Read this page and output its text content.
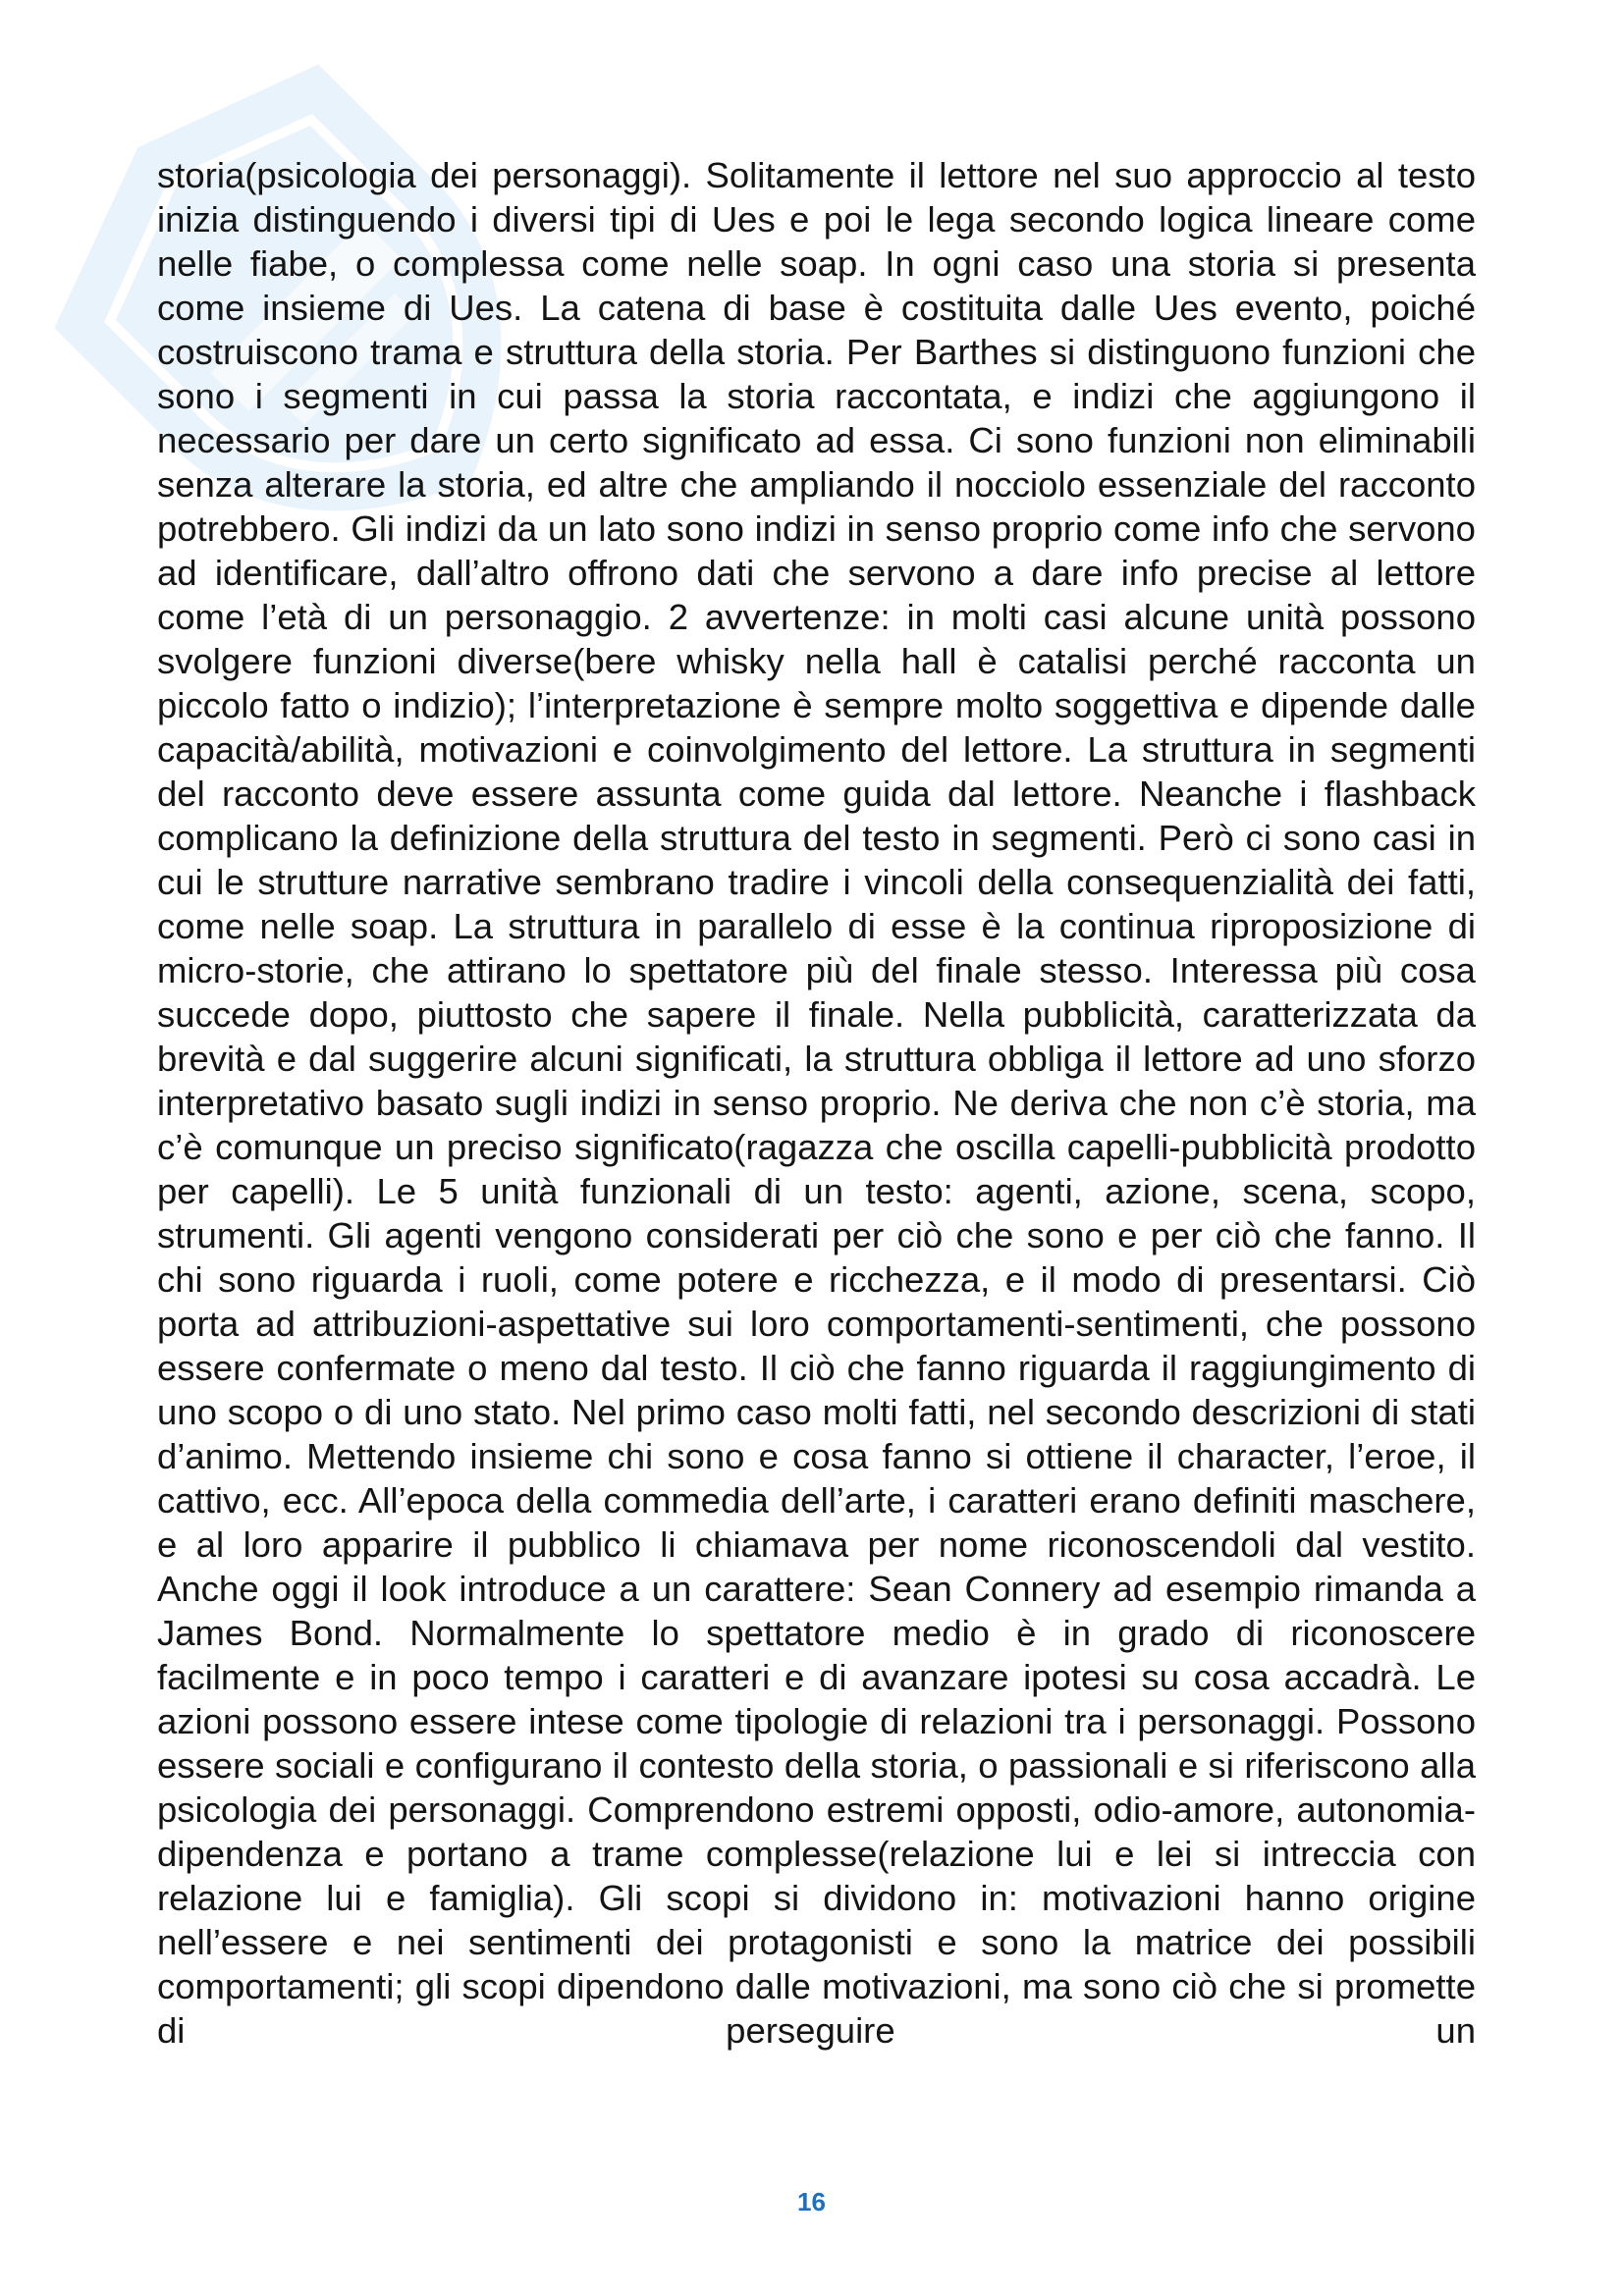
storia(psicologia dei personaggi). Solitamente il lettore nel suo approccio al testo inizia distinguendo i diversi tipi di Ues e poi le lega secondo logica lineare come nelle fiabe, o complessa come nelle soap. In ogni caso una storia si presenta come insieme di Ues. La catena di base è costituita dalle Ues evento, poiché costruiscono trama e struttura della storia. Per Barthes si distinguono funzioni che sono i segmenti in cui passa la storia raccontata, e indizi che aggiungono il necessario per dare un certo significato ad essa. Ci sono funzioni non eliminabili senza alterare la storia, ed altre che ampliando il nocciolo essenziale del racconto potrebbero. Gli indizi da un lato sono indizi in senso proprio come info che servono ad identificare, dall’altro offrono dati che servono a dare info precise al lettore come l’età di un personaggio. 2 avvertenze: in molti casi alcune unità possono svolgere funzioni diverse(bere whisky nella hall è catalisi perché racconta un piccolo fatto o indizio); l’interpretazione è sempre molto soggettiva e dipende dalle capacità/abilità, motivazioni e coinvolgimento del lettore. La struttura in segmenti del racconto deve essere assunta come guida dal lettore. Neanche i flashback complicano la definizione della struttura del testo in segmenti. Però ci sono casi in cui le strutture narrative sembrano tradire i vincoli della consequenzialità dei fatti, come nelle soap. La struttura in parallelo di esse è la continua riproposizione di micro-storie, che attirano lo spettatore più del finale stesso. Interessa più cosa succede dopo, piuttosto che sapere il finale. Nella pubblicità, caratterizzata da brevità e dal suggerire alcuni significati, la struttura obbliga il lettore ad uno sforzo interpretativo basato sugli indizi in senso proprio. Ne deriva che non c’è storia, ma c’è comunque un preciso significato(ragazza che oscilla capelli-pubblicità prodotto per capelli). Le 5 unità funzionali di un testo: agenti, azione, scena, scopo, strumenti. Gli agenti vengono considerati per ciò che sono e per ciò che fanno. Il chi sono riguarda i ruoli, come potere e ricchezza, e il modo di presentarsi. Ciò porta ad attribuzioni-aspettative sui loro comportamenti-sentimenti, che possono essere confermate o meno dal testo. Il ciò che fanno riguarda il raggiungimento di uno scopo o di uno stato. Nel primo caso molti fatti, nel secondo descrizioni di stati d’animo. Mettendo insieme chi sono e cosa fanno si ottiene il character, l’eroe, il cattivo, ecc. All’epoca della commedia dell’arte, i caratteri erano definiti maschere, e al loro apparire il pubblico li chiamava per nome riconoscendoli dal vestito. Anche oggi il look introduce a un carattere: Sean Connery ad esempio rimanda a James Bond. Normalmente lo spettatore medio è in grado di riconoscere facilmente e in poco tempo i caratteri e di avanzare ipotesi su cosa accadrà. Le azioni possono essere intese come tipologie di relazioni tra i personaggi. Possono essere sociali e configurano il contesto della storia, o passionali e si riferiscono alla psicologia dei personaggi. Comprendono estremi opposti, odio-amore, autonomia-dipendenza e portano a trame complesse(relazione lui e lei si intreccia con relazione lui e famiglia). Gli scopi si dividono in: motivazioni hanno origine nell’essere e nei sentimenti dei protagonisti e sono la matrice dei possibili comportamenti; gli scopi dipendono dalle motivazioni, ma sono ciò che si promette di perseguire un

16
